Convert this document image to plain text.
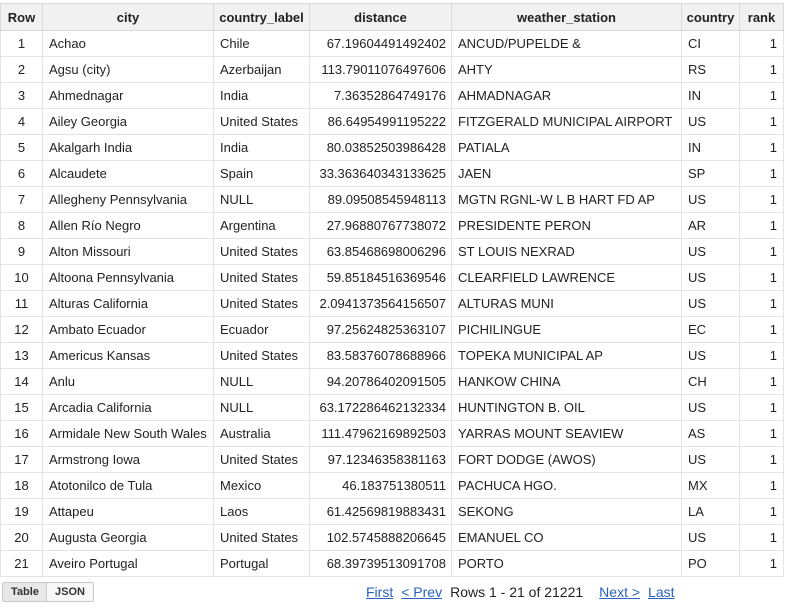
Row	city	country_label	distance	weather_station	country	rank
1	Achao	Chile	67.19604491492402	ANCUD/PUPELDE &	CI	1
2	Agsu (city)	Azerbaijan	113.79011076497606	AHTY	RS	1
3	Ahmednagar	India	7.36352864749176	AHMADNAGAR	IN	1
4	Ailey Georgia	United States	86.64954991195222	FITZGERALD MUNICIPAL AIRPORT	US	1
5	Akalgarh India	India	80.03852503986428	PATIALA	IN	1
6	Alcaudete	Spain	33.363640343133625	JAEN	SP	1
7	Allegheny Pennsylvania	NULL	89.09508545948113	MGTN RGNL-W L B HART FD AP	US	1
8	Allen Río Negro	Argentina	27.96880767738072	PRESIDENTE PERON	AR	1
9	Alton Missouri	United States	63.85468698006296	ST LOUIS NEXRAD	US	1
10	Altoona Pennsylvania	United States	59.85184516369546	CLEARFIELD LAWRENCE	US	1
11	Alturas California	United States	2.0941373564156507	ALTURAS MUNI	US	1
12	Ambato Ecuador	Ecuador	97.25624825363107	PICHILINGUE	EC	1
13	Americus Kansas	United States	83.58376078688966	TOPEKA MUNICIPAL AP	US	1
14	Anlu	NULL	94.20786402091505	HANKOW CHINA	CH	1
15	Arcadia California	NULL	63.172286462132334	HUNTINGTON B. OIL	US	1
16	Armidale New South Wales	Australia	111.47962169892503	YARRAS MOUNT SEAVIEW	AS	1
17	Armstrong Iowa	United States	97.12346358381163	FORT DODGE (AWOS)	US	1
18	Atotonilco de Tula	Mexico	46.183751380511	PACHUCA HGO.	MX	1
19	Attapeu	Laos	61.42569819883431	SEKONG	LA	1
20	Augusta Georgia	United States	102.5745888206645	EMANUEL CO	US	1
21	Aveiro Portugal	Portugal	68.39739513091708	PORTO	PO	1
Table	JSON	First < Prev Rows 1 - 21 of 21221 Next > Last
